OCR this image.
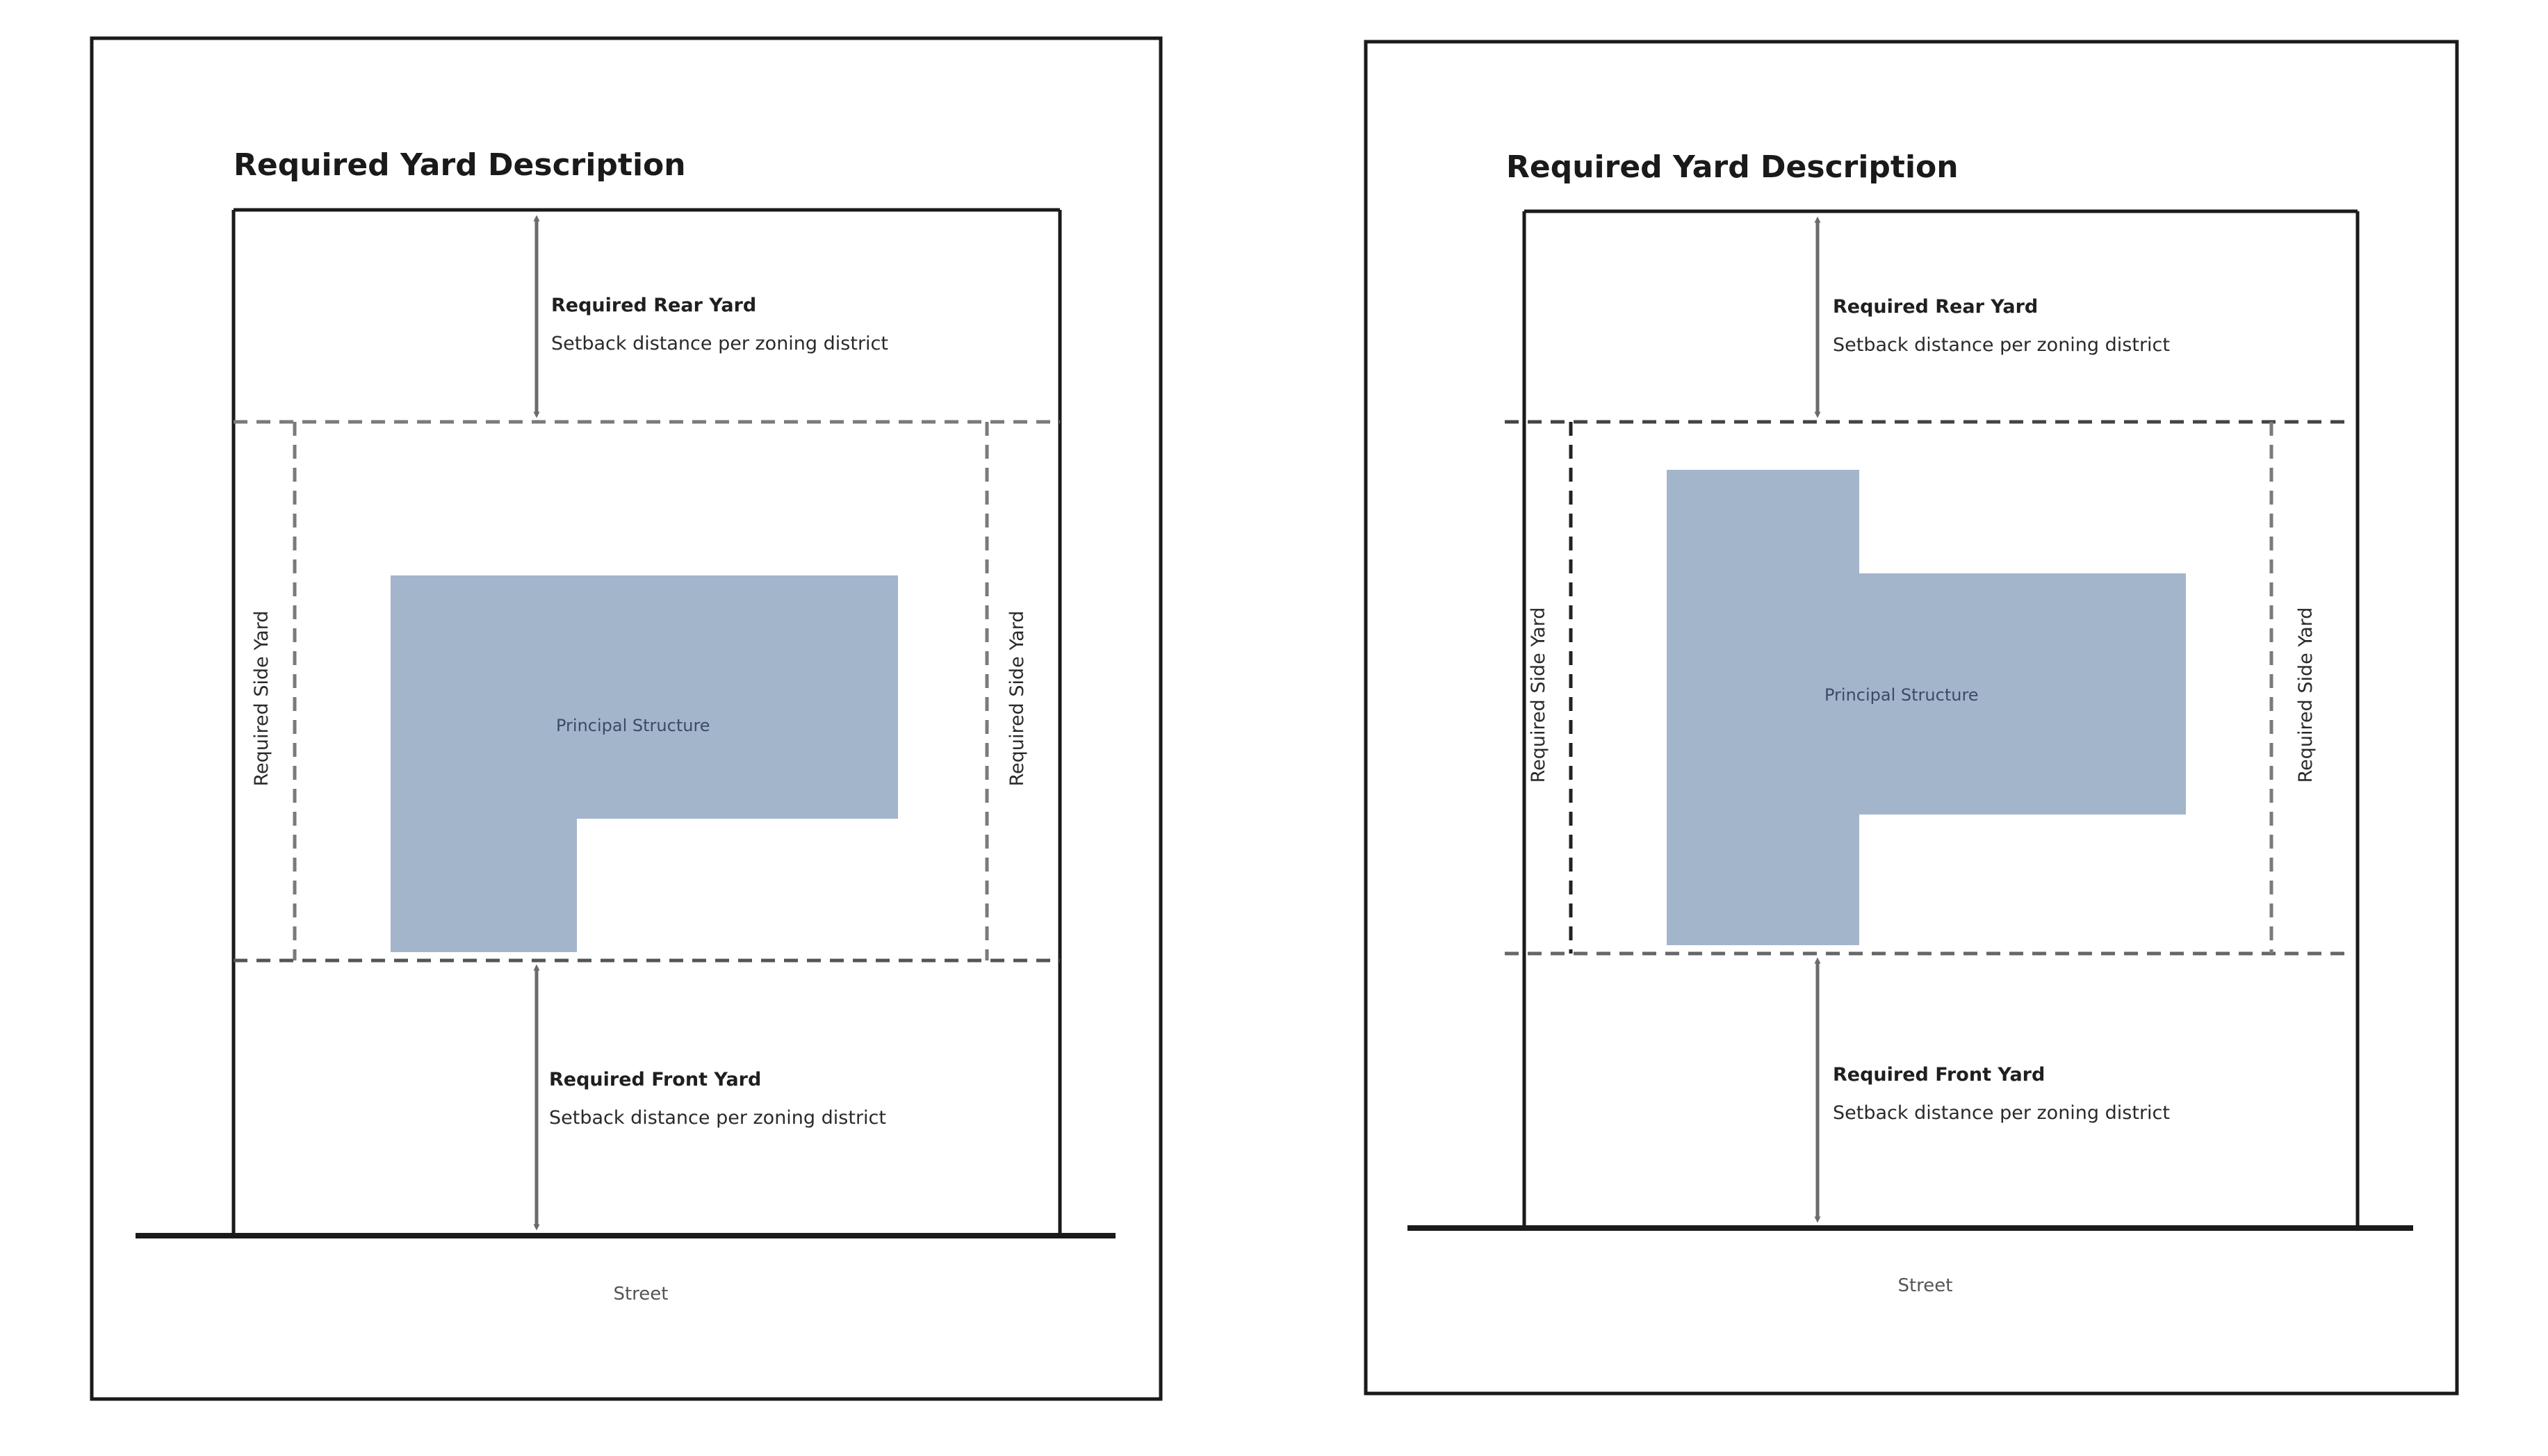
Required Yard Description
Principal Structure
Required Rear Yard
Setback distance per zoning district
Required Front Yard
Setback distance per zoning district
Required Side Yard	Required Side Yard
Street
Required Yard Description
Principal Structure
Required Rear Yard
Setback distance per zoning district
Required Front Yard
Setback distance per zoning district
Required Side Yard	Required Side Yard
Street
